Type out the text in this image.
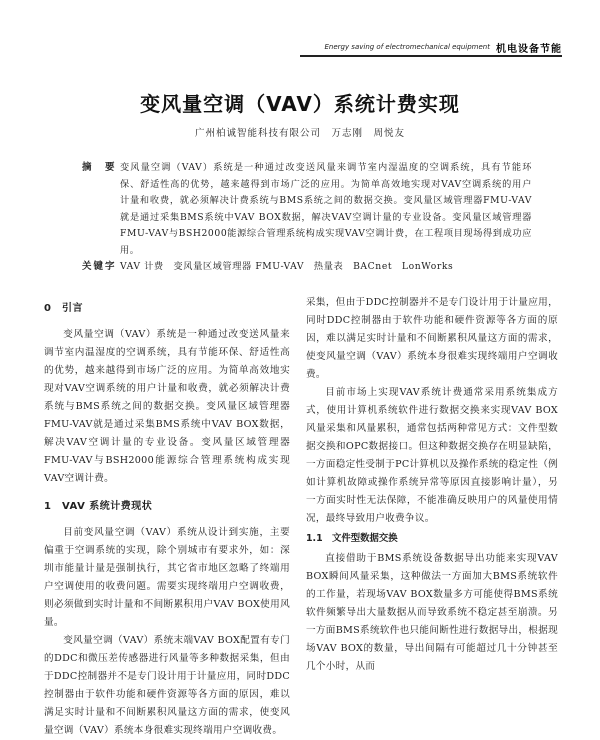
Energy saving of electromechanical equipment 机电设备节能
变风量空调（VAV）系统计费实现
广州柏诚智能科技有限公司　万志刚　周悦友
摘　要 变风量空调（VAV）系统是一种通过改变送风量来调节室内湿温度的空调系统，具有节能环保、舒适性高的优势，越来越得到市场广泛的应用。为简单高效地实现对VAV空调系统的用户计量和收费，就必须解决计费系统与BMS系统之间的数据交换。变风量区域管理器FMU-VAV就是通过采集BMS系统中VAV BOX数据，解决VAV空调计量的专业设备。变风量区域管理器FMU-VAV与BSH2000能源综合管理系统构成实现VAV空调计费，在工程项目现场得到成功应用。
关键字 VAV 计费　变风量区域管理器 FMU-VAV　热量表　BACnet　LonWorks
0　引言

变风量空调（VAV）系统是一种通过改变送风量来调节室内温湿度的空调系统，具有节能环保、舒适性高的优势，越来越得到市场广泛的应用。为简单高效地实现对VAV空调系统的用户计量和收费，就必须解决计费系统与BMS系统之间的数据交换。变风量区域管理器FMU-VAV就是通过采集BMS系统中VAV BOX数据，解决VAV空调计量的专业设备。变风量区域管理器FMU-VAV与BSH2000能源综合管理系统构成实现VAV空调计费。

1　VAV 系统计费现状

目前变风量空调（VAV）系统从设计到实施，主要偏重于空调系统的实现，除个别城市有要求外，如：深圳市能量计量是强制执行，其它省市地区忽略了终端用户空调使用的收费问题。需要实现终端用户空调收费，则必须做到实时计量和不间断累积用户VAV BOX使用风量。

变风量空调（VAV）系统末端VAV BOX配置有专门的DDC和微压差传感器进行风量等多种数据采集，但由于DDC控制器并不是专门设计用于计量应用，同时DDC控制器由于软件功能和硬件资源等各方面的原因，难以满足实时计量和不间断累积风量这方面的需求，使变风量空调（VAV）系统本身很难实现终端用户空调收费。

采集，但由于DDC控制器并不是专门设计用于计量应用，同时DDC控制器由于软件功能和硬件资源等各方面的原因，难以满足实时计量和不间断累积风量这方面的需求，使变风量空调（VAV）系统本身很难实现终端用户空调收费。

目前市场上实现VAV系统计费通常采用系统集成方式，使用计算机系统软件进行数据交换来实现VAV BOX风量采集和风量累积，通常包括两种常见方式：文件型数据交换和OPC数据接口。但这种数据交换存在明显缺陷，一方面稳定性受制于PC计算机以及操作系统的稳定性（例如计算机故障或操作系统异常等原因直接影响计量），另一方面实时性无法保障，不能准确反映用户的风量使用情况，最终导致用户收费争议。

1.1　文件型数据交换

直接借助于BMS系统设备数据导出功能来实现VAV BOX瞬间风量采集，这种做法一方面加大BMS系统软件的工作量，若现场VAV BOX数量多方可能使得BMS系统软件频繁导出大量数据从而导致系统不稳定甚至崩溃。另一方面BMS系统软件也只能间断性进行数据导出，根据现场VAV BOX的数量，导出间隔有可能超过几十分钟甚至几个小时，从而
